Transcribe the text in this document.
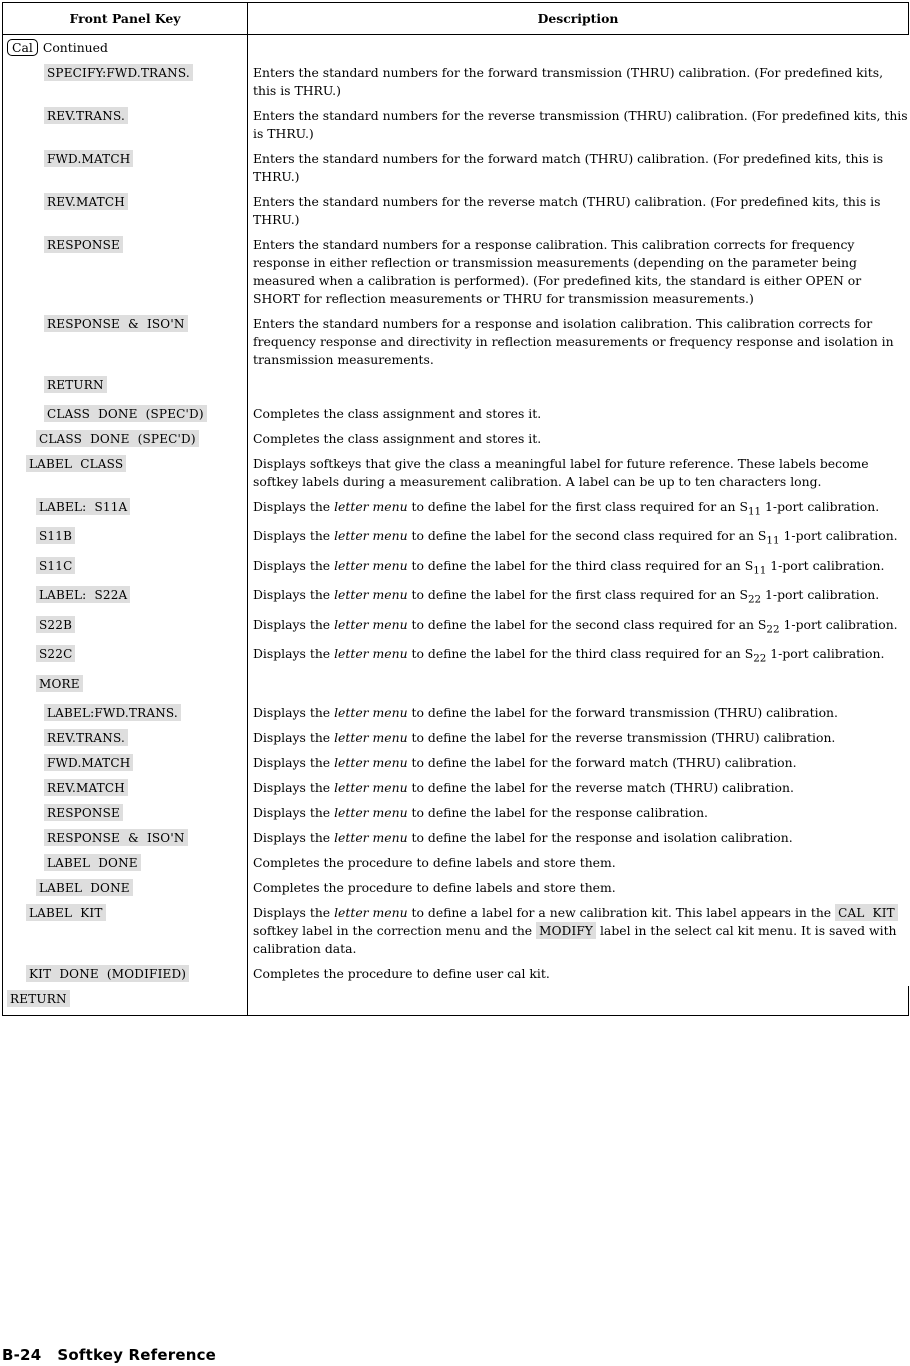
Front Panel Key	Description
Cal Continued	
SPECIFY:FWD.TRANS.	Enters the standard numbers for the forward transmission (THRU) calibration. (For predefined kits, this is THRU.)
REV.TRANS.	Enters the standard numbers for the reverse transmission (THRU) calibration. (For predefined kits, this is THRU.)
FWD.MATCH	Enters the standard numbers for the forward match (THRU) calibration. (For predefined kits, this is THRU.)
REV.MATCH	Enters the standard numbers for the reverse match (THRU) calibration. (For predefined kits, this is THRU.)
RESPONSE	Enters the standard numbers for a response calibration. This calibration corrects for frequency response in either reflection or transmission measurements (depending on the parameter being measured when a calibration is performed). (For predefined kits, the standard is either OPEN or SHORT for reflection measurements or THRU for transmission measurements.)
RESPONSE  &  ISO'N	Enters the standard numbers for a response and isolation calibration. This calibration corrects for frequency response and directivity in reflection measurements or frequency response and isolation in transmission measurements.
RETURN	
CLASS  DONE  (SPEC'D)	Completes the class assignment and stores it.
CLASS  DONE  (SPEC'D)	Completes the class assignment and stores it.
LABEL  CLASS	Displays softkeys that give the class a meaningful label for future reference. These labels become softkey labels during a measurement calibration. A label can be up to ten characters long.
LABEL:  S11A	Displays the letter menu to define the label for the first class required for an $S_{11}$ 1-port calibration.
S11B	Displays the letter menu to define the label for the second class required for an $S_{11}$ 1-port calibration.
S11C	Displays the letter menu to define the label for the third class required for an $S_{11}$ 1-port calibration.
LABEL:  S22A	Displays the letter menu to define the label for the first class required for an $S_{22}$ 1-port calibration.
S22B	Displays the letter menu to define the label for the second class required for an $S_{22}$ 1-port calibration.
S22C	Displays the letter menu to define the label for the third class required for an $S_{22}$ 1-port calibration.
MORE	
LABEL:FWD.TRANS.	Displays the letter menu to define the label for the forward transmission (THRU) calibration.
REV.TRANS.	Displays the letter menu to define the label for the reverse transmission (THRU) calibration.
FWD.MATCH	Displays the letter menu to define the label for the forward match (THRU) calibration.
REV.MATCH	Displays the letter menu to define the label for the reverse match (THRU) calibration.
RESPONSE	Displays the letter menu to define the label for the response calibration.
RESPONSE  &  ISO'N	Displays the letter menu to define the label for the response and isolation calibration.
LABEL  DONE	Completes the procedure to define labels and store them.
LABEL  DONE	Completes the procedure to define labels and store them.
LABEL  KIT	Displays the letter menu to define a label for a new calibration kit. This label appears in the CAL  KIT softkey label in the correction menu and the MODIFY label in the select cal kit menu. It is saved with calibration data.
KIT  DONE  (MODIFIED)	Completes the procedure to define user cal kit.
RETURN	
B-24 Softkey Reference
